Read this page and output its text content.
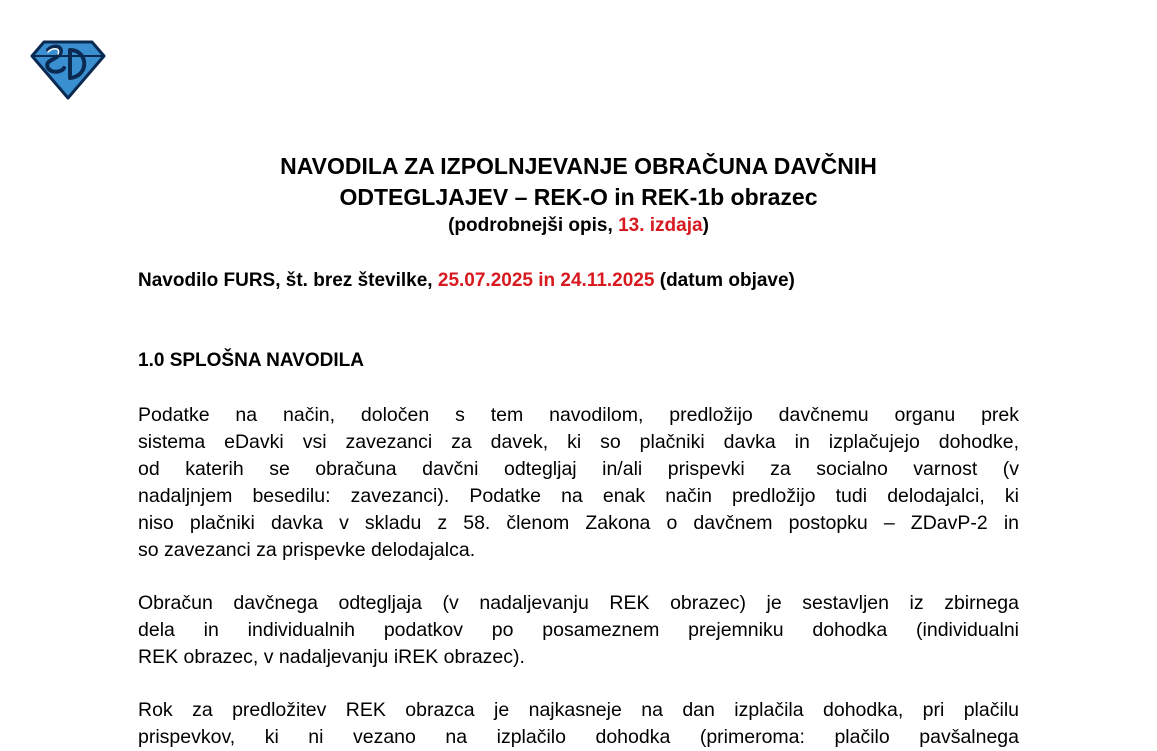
NAVODILA ZA IZPOLNJEVANJE OBRAČUNA DAVČNIH
ODTEGLJAJEV – REK-O in REK-1b obrazec
(podrobnejši opis, 13. izdaja)
Navodilo FURS, št. brez številke, 25.07.2025 in 24.11.2025 (datum objave)
1.0 SPLOŠNA NAVODILA

Podatke na način, določen s tem navodilom, predložijo davčnemu organu prek
sistema eDavki vsi zavezanci za davek, ki so plačniki davka in izplačujejo dohodke,
od katerih se obračuna davčni odtegljaj in/ali prispevki za socialno varnost (v
nadaljnjem besedilu: zavezanci). Podatke na enak način predložijo tudi delodajalci, ki
niso plačniki davka v skladu z 58. členom Zakona o davčnem postopku – ZDavP-2 in
so zavezanci za prispevke delodajalca.

Obračun davčnega odtegljaja (v nadaljevanju REK obrazec) je sestavljen iz zbirnega
dela in individualnih podatkov po posameznem prejemniku dohodka (individualni
REK obrazec, v nadaljevanju iREK obrazec).

Rok za predložitev REK obrazca je najkasneje na dan izplačila dohodka, pri plačilu
prispevkov, ki ni vezano na izplačilo dohodka (primeroma: plačilo pavšalnega
